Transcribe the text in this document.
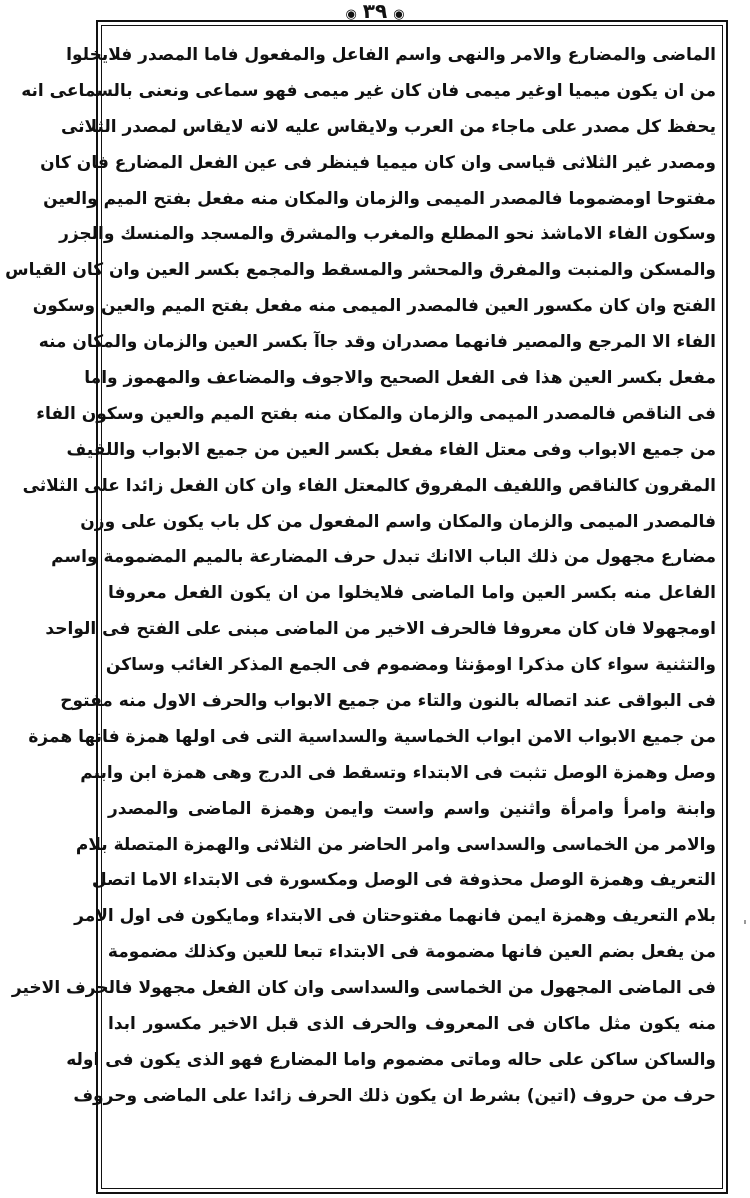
◉٣٩◉
الماضى والمضارع والامر والنهى واسم الفاعل والمفعول فاما المصدر فلايخلوا
من ان يكون ميميا اوغير ميمى فان كان غير ميمى فهو سماعى ونعنى بالسماعى انه
يحفظ كل مصدر على ماجاء من العرب ولايقاس عليه لانه لايقاس لمصدر الثلاثى
ومصدر غير الثلاثى قياسى وان كان ميميا فينظر فى عين الفعل المضارع فان كان
مفتوحا اومضموما فالمصدر الميمى والزمان والمكان منه مفعل بفتح الميم والعين
وسكون الفاء الاماشذ نحو المطلع والمغرب والمشرق والمسجد والمنسك والجزر
والمسكن والمنبت والمفرق والمحشر والمسقط والمجمع بكسر العين وان كان القياس
الفتح وان كان مكسور العين فالمصدر الميمى منه مفعل بفتح الميم والعين وسكون
الفاء الا المرجع والمصير فانهما مصدران وقد جاآ بكسر العين والزمان والمكان منه
مفعل بكسر العين هذا فى الفعل الصحيح والاجوف والمضاعف والمهموز واما
فى الناقص فالمصدر الميمى والزمان والمكان منه بفتح الميم والعين وسكون الفاء
من جميع الابواب وفى معتل الفاء مفعل بكسر العين من جميع الابواب واللفيف
المقرون كالناقص واللفيف المفروق كالمعتل الفاء وان كان الفعل زائدا على الثلاثى
فالمصدر الميمى والزمان والمكان واسم المفعول من كل باب يكون على وزن
مضارع مجهول من ذلك الباب الاانك تبدل حرف المضارعة بالميم المضمومة واسم
الفاعل منه بكسر العين واما الماضى فلايخلوا من ان يكون الفعل معروفا
اومجهولا فان كان معروفا فالحرف الاخير من الماضى مبنى على الفتح فى الواحد
والتثنية سواء كان مذكرا اومؤنثا ومضموم فى الجمع المذكر الغائب وساكن
فى البواقى عند اتصاله بالنون والتاء من جميع الابواب والحرف الاول منه مفتوح
من جميع الابواب الامن ابواب الخماسية والسداسية التى فى اولها همزة فانها همزة
وصل وهمزة الوصل تثبت فى الابتداء وتسقط فى الدرج وهى همزة ابن وابنم
وابنة وامرأ وامرأة واثنين واسم واست وايمن وهمزة الماضى والمصدر
والامر من الخماسى والسداسى وامر الحاضر من الثلاثى والهمزة المتصلة بلام
التعريف وهمزة الوصل محذوفة فى الوصل ومكسورة فى الابتداء الاما اتصل
بلام التعريف وهمزة ايمن فانهما مفتوحتان فى الابتداء ومايكون فى اول الامر
من يفعل بضم العين فانها مضمومة فى الابتداء تبعا للعين وكذلك مضمومة
فى الماضى المجهول من الخماسى والسداسى وان كان الفعل مجهولا فالحرف الاخير
منه يكون مثل ماكان فى المعروف والحرف الذى قبل الاخير مكسور ابدا
والساكن ساكن على حاله وماتى مضموم واما المضارع فهو الذى يكون فى اوله
حرف من حروف (اتين) بشرط ان يكون ذلك الحرف زائدا على الماضى وحروف
